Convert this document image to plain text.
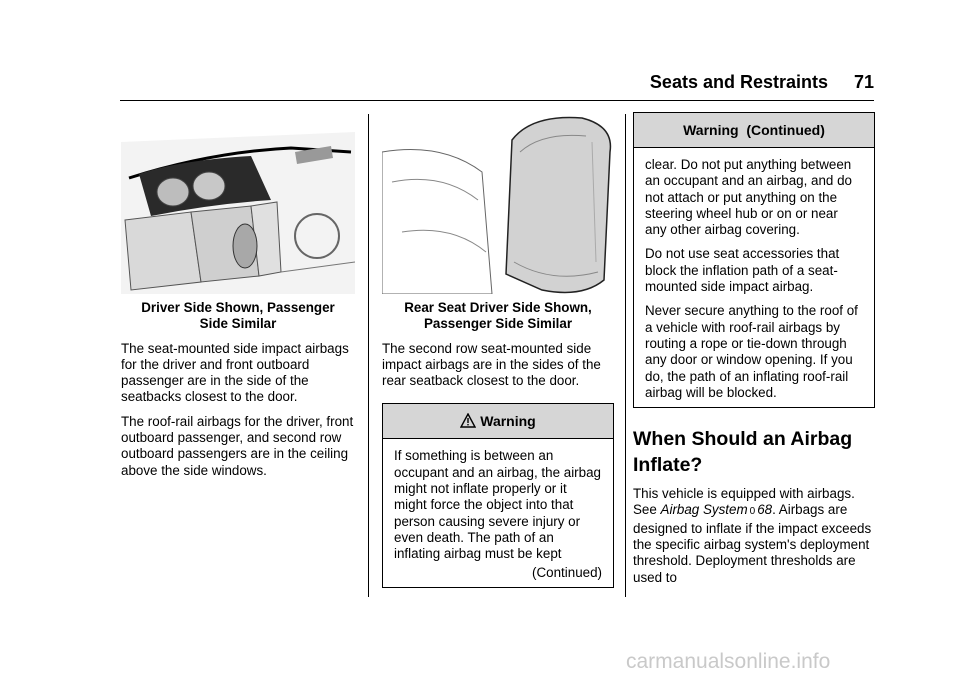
Seats and Restraints 71
Driver Side Shown, Passenger
Side Similar

The seat-mounted side impact airbags for the driver and front outboard passenger are in the side of the seatbacks closest to the door.

The roof-rail airbags for the driver, front outboard passenger, and second row outboard passengers are in the ceiling above the side windows.

Rear Seat Driver Side Shown,
Passenger Side Similar

The second row seat-mounted side impact airbags are in the sides of the rear seatback closest to the door.

Warning
If something is between an occupant and an airbag, the airbag might not inflate properly or it might force the object into that person causing severe injury or even death. The path of an inflating airbag must be kept
(Continued)
Warning  (Continued)

clear. Do not put anything between an occupant and an airbag, and do not attach or put anything on the steering wheel hub or on or near any other airbag covering.

Do not use seat accessories that block the inflation path of a seat-mounted side impact airbag.

Never secure anything to the roof of a vehicle with roof-rail airbags by routing a rope or tie-down through any door or window opening. If you do, the path of an inflating roof-rail airbag will be blocked.

When Should an Airbag Inflate?

This vehicle is equipped with airbags. See Airbag System 0 68. Airbags are designed to inflate if the impact exceeds the specific airbag system's deployment threshold. Deployment thresholds are used to

carmanualsonline.info
